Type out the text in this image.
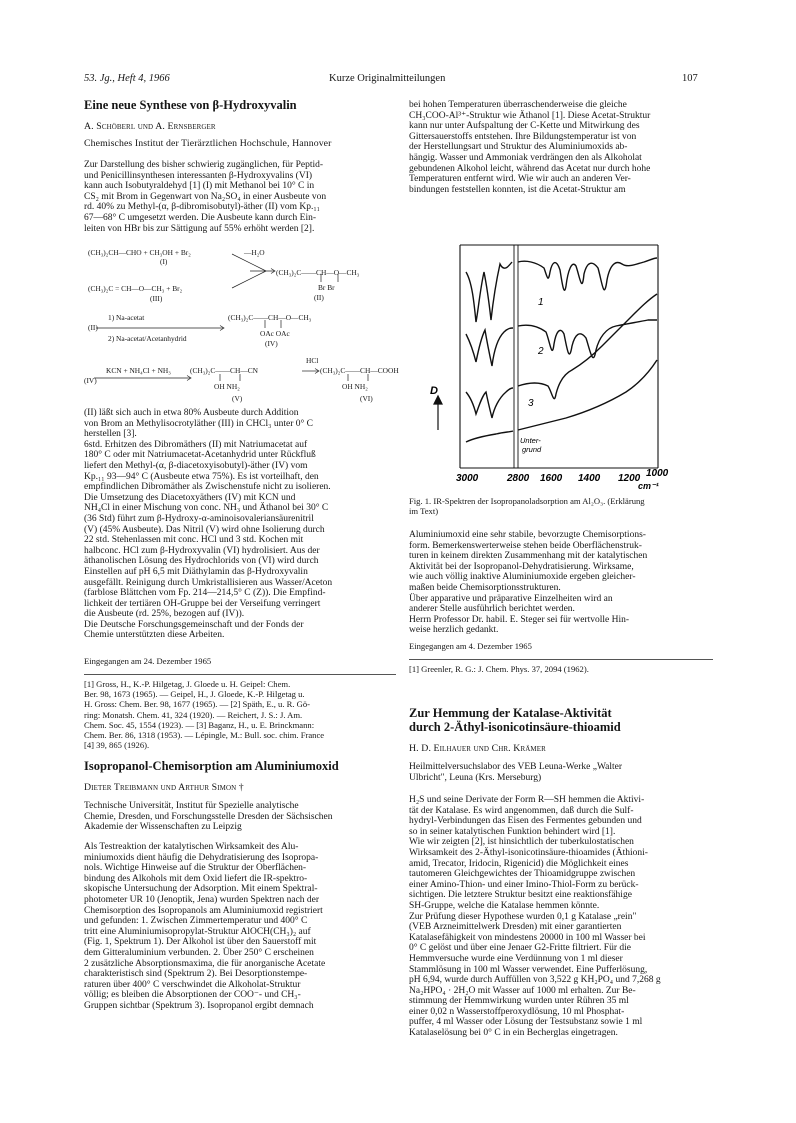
53. Jg., Heft 4, 1966	Kurze Originalmitteilungen	107
Eine neue Synthese von β-Hydroxyvalin
A. Schöberl und A. Ernsberger
Chemisches Institut der Tierärztlichen Hochschule, Hannover
Zur Darstellung des bisher schwierig zugänglichen, für Peptid-
und Penicillinsynthesen interessanten β-Hydroxyvalins (VI)
kann auch Isobutyraldehyd [1] (I) mit Methanol bei 10° C in
CS₂ mit Brom in Gegenwart von Na₂SO₄ in einer Ausbeute von
rd. 40% zu Methyl-(α, β-dibromisobutyl)-äther (II) vom Kp.₁₁
67—68° C umgesetzt werden. Die Ausbeute kann durch Ein-
leiten von HBr bis zur Sättigung auf 55% erhöht werden [2].
(CH₃)₂CH—CHO + CH₃OH + Br₂	—H₂O
(I)
(CH₃)₂C——CH—O—CH₃
Br Br
(II)
(CH₃)₂C = CH—O—CH₃ + Br₂
(III)
1) Na-acetat
(II)
2) Na-acetat/Acetanhydrid
(CH₃)₂C——CH—O—CH₃
OAc OAc
(IV)
KCN + NH₄Cl + NH₃
(IV)
(CH₃)₂C——CH—CN
OH NH₂
(V)
HCl
(CH₃)₂C——CH—COOH
OH NH₂
(VI)
(II) läßt sich auch in etwa 80% Ausbeute durch Addition
von Brom an Methylisocrotyläther (III) in CHCl₃ unter 0° C
herstellen [3].
6std. Erhitzen des Dibromäthers (II) mit Natriumacetat auf
180° C oder mit Natriumacetat-Acetanhydrid unter Rückfluß
liefert den Methyl-(α, β-diacetoxyisobutyl)-äther (IV) vom
Kp.₁₁ 93—94° C (Ausbeute etwa 75%). Es ist vorteilhaft, den
empfindlichen Dibromäther als Zwischenstufe nicht zu isolieren.
Die Umsetzung des Diacetoxyäthers (IV) mit KCN und
NH₄Cl in einer Mischung von conc. NH₃ und Äthanol bei 30° C
(36 Std) führt zum β-Hydroxy-α-aminoisovaleriansäurenitril
(V) (45% Ausbeute). Das Nitril (V) wird ohne Isolierung durch
22 std. Stehenlassen mit conc. HCl und 3 std. Kochen mit
halbconc. HCl zum β-Hydroxyvalin (VI) hydrolisiert. Aus der
äthanolischen Lösung des Hydrochlorids von (VI) wird durch
Einstellen auf pH 6,5 mit Diäthylamin das β-Hydroxyvalin
ausgefällt. Reinigung durch Umkristallisieren aus Wasser/Aceton
(farblose Blättchen vom Fp. 214—214,5° C (Z)). Die Empfind-
lichkeit der tertiären OH-Gruppe bei der Verseifung verringert
die Ausbeute (rd. 25%, bezogen auf (IV)).
Die Deutsche Forschungsgemeinschaft und der Fonds der
Chemie unterstützten diese Arbeiten.
Eingegangen am 24. Dezember 1965
[1] Gross, H., K.-P. Hilgetag, J. Gloede u. H. Geipel: Chem.
Ber. 98, 1673 (1965). — Geipel, H., J. Gloede, K.-P. Hilgetag u.
H. Gross: Chem. Ber. 98, 1677 (1965). — [2] Späth, E., u. R. Gö-
ring: Monatsh. Chem. 41, 324 (1920). — Reichert, J. S.: J. Am.
Chem. Soc. 45, 1554 (1923). — [3] Baganz, H., u. E. Brinckmann:
Chem. Ber. 86, 1318 (1953). — Lépingle, M.: Bull. soc. chim. France
[4] 39, 865 (1926).
Isopropanol-Chemisorption am Aluminiumoxid
Dieter Treibmann und Arthur Simon †
Technische Universität, Institut für Spezielle analytische
Chemie, Dresden, und Forschungsstelle Dresden der Sächsischen
Akademie der Wissenschaften zu Leipzig
Als Testreaktion der katalytischen Wirksamkeit des Alu-
miniumoxids dient häufig die Dehydratisierung des Isopropa-
nols. Wichtige Hinweise auf die Struktur der Oberflächen-
bindung des Alkohols mit dem Oxid liefert die IR-spektro-
skopische Untersuchung der Adsorption. Mit einem Spektral-
photometer UR 10 (Jenoptik, Jena) wurden Spektren nach der
Chemisorption des Isopropanols am Aluminiumoxid registriert
und gefunden: 1. Zwischen Zimmertemperatur und 400° C
tritt eine Aluminiumisopropylat-Struktur AlOCH(CH₃)₂ auf
(Fig. 1, Spektrum 1). Der Alkohol ist über den Sauerstoff mit
dem Gitteraluminium verbunden. 2. Über 250° C erscheinen
2 zusätzliche Absorptionsmaxima, die für anorganische Acetate
charakteristisch sind (Spektrum 2). Bei Desorptionstempe-
raturen über 400° C verschwindet die Alkoholat-Struktur
völlig; es bleiben die Absorptionen der COO⁻- und CH₃-
Gruppen sichtbar (Spektrum 3). Isopropanol ergibt demnach
bei hohen Temperaturen überraschenderweise die gleiche
CH₃COO-Al³⁺-Struktur wie Äthanol [1]. Diese Acetat-Struktur
kann nur unter Aufspaltung der C-Kette und Mitwirkung des
Gittersauerstoffs entstehen. Ihre Bildungstemperatur ist von
der Herstellungsart und Struktur des Aluminiumoxids ab-
hängig. Wasser und Ammoniak verdrängen den als Alkoholat
gebundenen Alkohol leicht, während das Acetat nur durch hohe
Temperaturen entfernt wird. Wie wir auch an anderen Ver-
bindungen feststellen konnten, ist die Acetat-Struktur am
D
1
2
3
Unter-
grund
3000	2800 1600 1400 1200 1000
cm⁻¹
Fig. 1. IR-Spektren der Isopropanoladsorption am Al₂O₃. (Erklärung
im Text)
Aluminiumoxid eine sehr stabile, bevorzugte Chemisorptions-
form. Bemerkenswerterweise stehen beide Oberflächenstruk-
turen in keinem direkten Zusammenhang mit der katalytischen
Aktivität bei der Isopropanol-Dehydratisierung. Wirksame,
wie auch völlig inaktive Aluminiumoxide ergeben gleicher-
maßen beide Chemisorptionsstrukturen.
Über apparative und präparative Einzelheiten wird an
anderer Stelle ausführlich berichtet werden.
Herrn Professor Dr. habil. E. Steger sei für wertvolle Hin-
weise herzlich gedankt.
Eingegangen am 4. Dezember 1965
[1] Greenler, R. G.: J. Chem. Phys. 37, 2094 (1962).
Zur Hemmung der Katalase-Aktivität
durch 2-Äthyl-isonicotinsäure-thioamid
H. D. Eilhauer und Chr. Krämer
Heilmittelversuchslabor des VEB Leuna-Werke „Walter
Ulbricht", Leuna (Krs. Merseburg)
H₂S und seine Derivate der Form R—SH hemmen die Aktivi-
tät der Katalase. Es wird angenommen, daß durch die Sulf-
hydryl-Verbindungen das Eisen des Fermentes gebunden und
so in seiner katalytischen Funktion behindert wird [1].
Wie wir zeigten [2], ist hinsichtlich der tuberkulostatischen
Wirksamkeit des 2-Äthyl-isonicotinsäure-thioamides (Äthioni-
amid, Trecator, Iridocin, Rigenicid) die Möglichkeit eines
tautomeren Gleichgewichtes der Thioamidgruppe zwischen
einer Amino-Thion- und einer Imino-Thiol-Form zu berück-
sichtigen. Die letztere Struktur besitzt eine reaktionsfähige
SH-Gruppe, welche die Katalase hemmen könnte.
Zur Prüfung dieser Hypothese wurden 0,1 g Katalase „rein"
(VEB Arzneimittelwerk Dresden) mit einer garantierten
Katalasefähigkeit von mindestens 20000 in 100 ml Wasser bei
0° C gelöst und über eine Jenaer G2-Fritte filtriert. Für die
Hemmversuche wurde eine Verdünnung von 1 ml dieser
Stammlösung in 100 ml Wasser verwendet. Eine Pufferlösung,
pH 6,94, wurde durch Auffüllen von 3,522 g KH₂PO₄ und 7,268 g
Na₂HPO₄ · 2H₂O mit Wasser auf 1000 ml erhalten. Zur Be-
stimmung der Hemmwirkung wurden unter Rühren 35 ml
einer 0,02 n Wasserstoffperoxydlösung, 10 ml Phosphat-
puffer, 4 ml Wasser oder Lösung der Testsubstanz sowie 1 ml
Katalaselösung bei 0° C in ein Becherglas eingetragen.
